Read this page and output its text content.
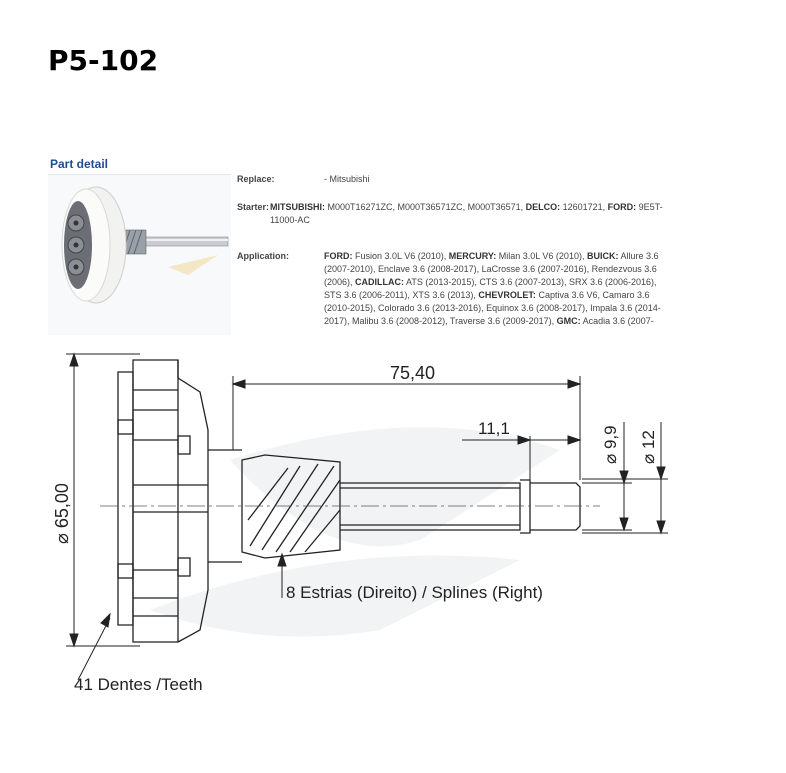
P5-102
Part detail
Replace:	- Mitsubishi
Starter: MITSUBISHI: M000T16271ZC, M000T36571ZC, M000T36571, DELCO: 12601721, FORD: 9E5T-11000-AC
Application:	FORD: Fusion 3.0L V6 (2010), MERCURY: Milan 3.0L V6 (2010), BUICK: Allure 3.6 (2007-2010), Enclave 3.6 (2008-2017), LaCrosse 3.6 (2007-2016), Rendezvous 3.6 (2006), CADILLAC: ATS (2013-2015), CTS 3.6 (2007-2013), SRX 3.6 (2006-2016), STS 3.6 (2006-2011), XTS 3.6 (2013), CHEVROLET: Captiva 3.6 V6, Camaro 3.6 (2010-2015), Colorado 3.6 (2013-2016), Equinox 3.6 (2008-2017), Impala 3.6 (2014-2017), Malibu 3.6 (2008-2012), Traverse 3.6 (2009-2017), GMC: Acadia 3.6 (2007-
75,40
11,1	⌀ 9,9 ⌀ 12
⌀ 65,00
8 Estrias (Direito) / Splines (Right)
41 Dentes /Teeth
